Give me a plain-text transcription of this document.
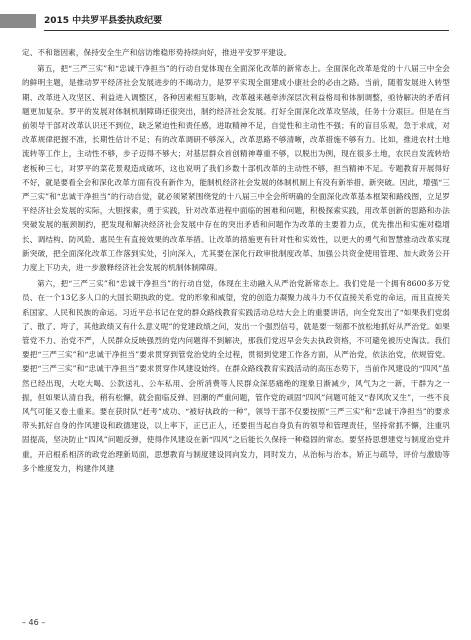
2015 中共罗平县委执政纪要

定、不和谐因素，保持安全生产和信访维稳形势持续向好，推进平安罗平建设。

第五，把“三严三实”和“忠诚干净担当”的行动自觉体现在全面深化改革的新常态上。全面深化改革是党的十八届三中全会的鲜明主题，是推动罗平经济社会发展进步的不竭动力，是罗平实现全面建成小康社会的必由之路。当前，随着发展进入转型期、改革进入攻坚区、利益进入调整区，各种因素相互影响，改革越来越牵涉深层次利益格局和体制调整，亟待解决的矛盾问题更加复杂。罗平的发展对体制机制障碍还很突出，制约经济社会发展。打好全面深化改革攻坚战，任务十分艰巨。但是在当前领导干部对改革认识还不到位，缺乏紧迫性和责任感，进取精神不足，自觉性和主动性不强；有的盲目乐观，急于求成，对改革规律把握不准，长期性估计不足；有的改革调研不够深入，改革思路不够清晰，改革措施不够有力。比如，推进农村土地流转等工作上，主动性不够，步子迈得不够大；对基层群众首创精神尊重不够，以脱出为例，现在很多土地，农民自发流转给老板种三七，对罗平的菜花景观造成破坏，这也说明了我们乡数十部机改革的主动性不够，担当精神不足。专题教育开展得好不好，就是要看全会和深化改革方面有没有新作为，能制机经济社会发展的体制机制上有没有新举措、新突破。因此，增强“三严三实”和“忠诚干净担当”的行动自觉，就必须紧紧围绕党的十八届三中全会所明确的全面深化改革基本框架和路线图，立足罗平经济社会发展的实际，大胆探索，勇于实践，针对改革进程中面临的困难和问题，积极探索实践，用改革创新的思路和办法突破发展的瓶颈制约，把发现和解决经济社会发展中存在的突出矛盾和问题作为改革的主要着力点，优先推出和实施对稳增长、调结构、防风险、惠民生有直接效果的改革举措。让改革的措施更有针对性和实效性，以更大的勇气和智慧推动改革实现新突破，把全面深化改革工作落到实处，引向深入，尤其要在深化行政审批制度改革、加强公共资金使用管理、加大政务公开力度上下功夫，进一步激释经济社会发展的机制体制障碍。

第六，把“三严三实”和“忠诚干净担当”的行动自觉，体现在主动融入从严治党新常态上。我们党是一个拥有8600多万党员、在一个13亿多人口的大国长期执政的党。党的形象和威望，党的创造力凝聚力战斗力不仅直接关系党的命运，而且直接关系国家、人民和民族的命运。习近平总书记在党的群众路线教育实践活动总结大会上的重要讲话，向全党发出了“如果我们党弱了、散了、垮了，其他政绩又有什么意义呢”的党建政绩之问，发出一个强烈信号，就是要一刻都不放松地抓好从严治党。如果管党不力、治党不严，人民群众反映强烈的党内问题得不到解决，那我们党迟早会失去执政资格，不可避免被历史淘汰。我们要把“三严三实”和“忠诚干净担当”要求贯穿到管党治党的全过程，贯彻到党建工作各方面，从严治党，依法治党，依规管党。要把“三严三实”和“忠诚干净担当”要求贯穿作风建设始终。在群众路线教育实践活动的高压态势下，当前作风建设的“四风”虽然已经出现，大吃大喝、公款送礼、公车私用、会所消费等人民群众深恶痛绝的现象日渐减少，风气为之一新，干群为之一振，但如果认清自我，稍有松懈，就会面临反弹、回潮的严重问题，管作党的顽固“四风”问题可能又“春风吹又生”，一些不良风气可能又卷土重来。要在获时队“赶考”成功、“被好执政的一种”，领导干部不仅要按照“三严三实”和“忠诚干净担当”的要求带头抓好自身的作风建设和政德建设，以上率下，正已正人，还要担当起自身负有的领导和管理责任，坚持常抓不懈，注重巩固提高，坚决防止“四风”问题反弹，使得作风建设在新“四风”之后能长久保持一种稳固的常态。要坚持思想建党与制度治党并重，开启根系相济的政党治理新局面，思想教育与制度建设同向发力，同时发力，从治标与治本，矫正与疏导，评价与激励等多个维度发力，构建作风建

– 46 –
